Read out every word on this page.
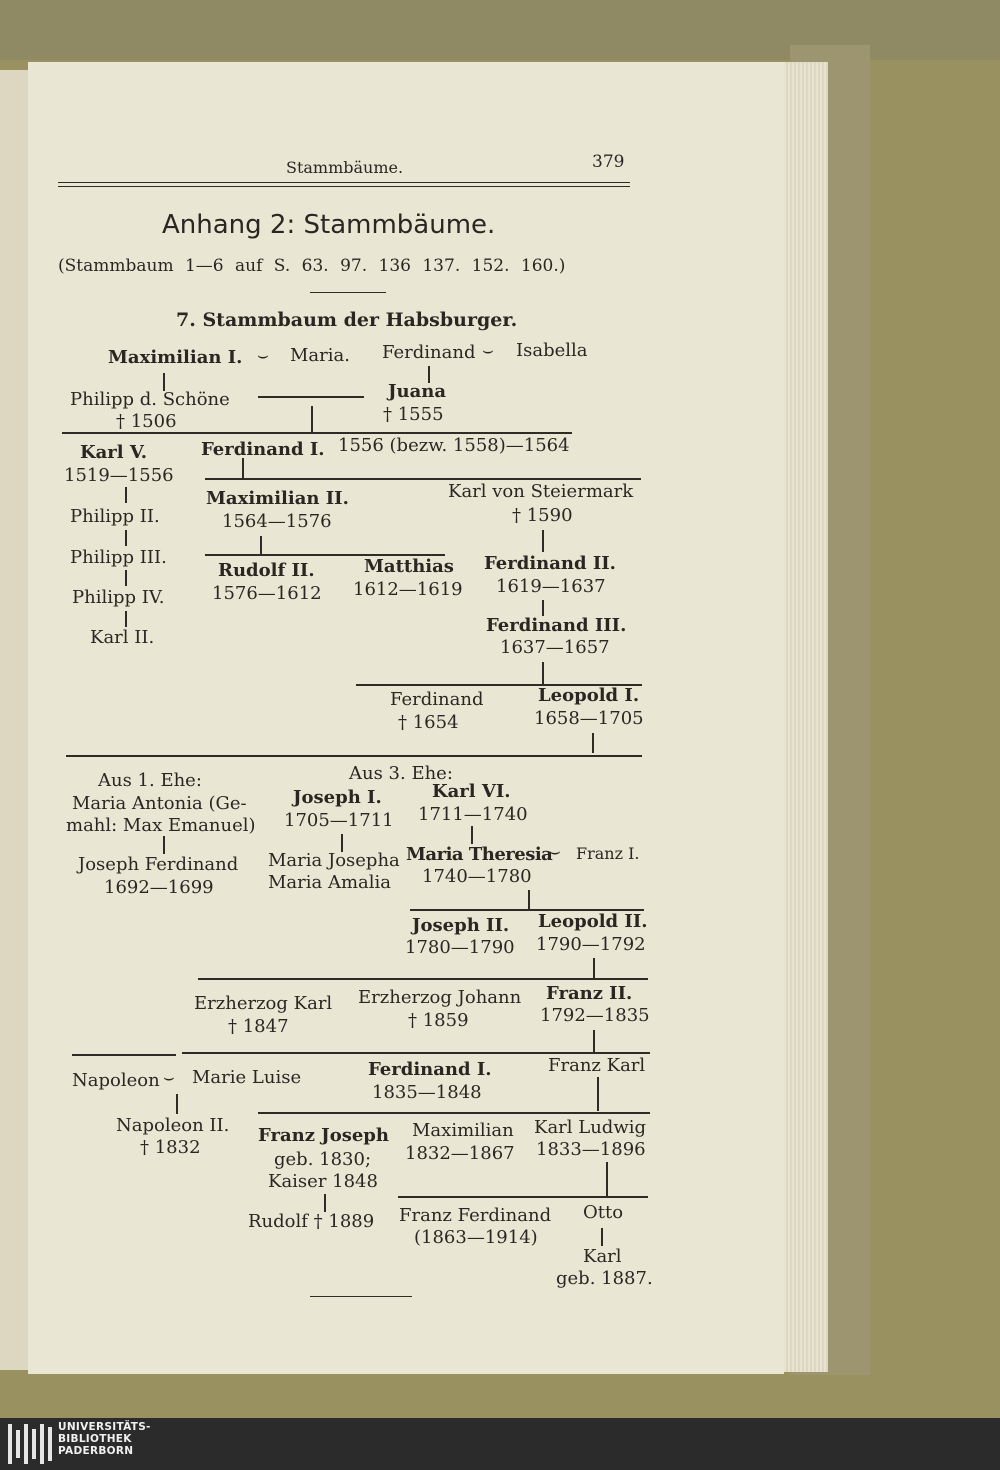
Stammbäume.	379
Anhang 2: Stammbäume.
(Stammbaum 1—6 auf S. 63. 97. 136 137. 152. 160.)
7. Stammbaum der Habsburger.
Maximilian I. ⌣ Maria. Ferdinand ⌣ Isabella
Philipp d. Schöne
† 1506
Juana
† 1555
Karl V.
1519—1556
Ferdinand I. 1556 (bezw. 1558)—1564
Philipp II.
Philipp III.
Philipp IV.
Karl II.
Maximilian II.
1564—1576
Karl von Steiermark
† 1590
Rudolf II.
1576—1612
Matthias
1612—1619
Ferdinand II.
1619—1637
Ferdinand III.
1637—1657
Ferdinand
† 1654
Leopold I.
1658—1705
Aus 1. Ehe:
Maria Antonia (Ge-
mahl: Max Emanuel)
Aus 3. Ehe:
Joseph I.
1705—1711
Karl VI.
1711—1740
Joseph Ferdinand
1692—1699
Maria Josepha
Maria Amalia
Maria Theresia
⌣ Franz I.
1740—1780
Joseph II.
1780—1790
Leopold II.
1790—1792
Erzherzog Karl
† 1847
Erzherzog Johann
† 1859
Franz II.
1792—1835
Napoleon ⌣ Marie Luise	Ferdinand I.
1835—1848
Franz Karl
Napoleon II.
† 1832
Franz Joseph
geb. 1830;
Kaiser 1848
Maximilian
1832—1867
Karl Ludwig
1833—1896
Rudolf † 1889 Franz Ferdinand
(1863—1914)
Otto
Karl
geb. 1887.
UNIVERSITÄTS-
BIBLIOTHEK
PADERBORN
